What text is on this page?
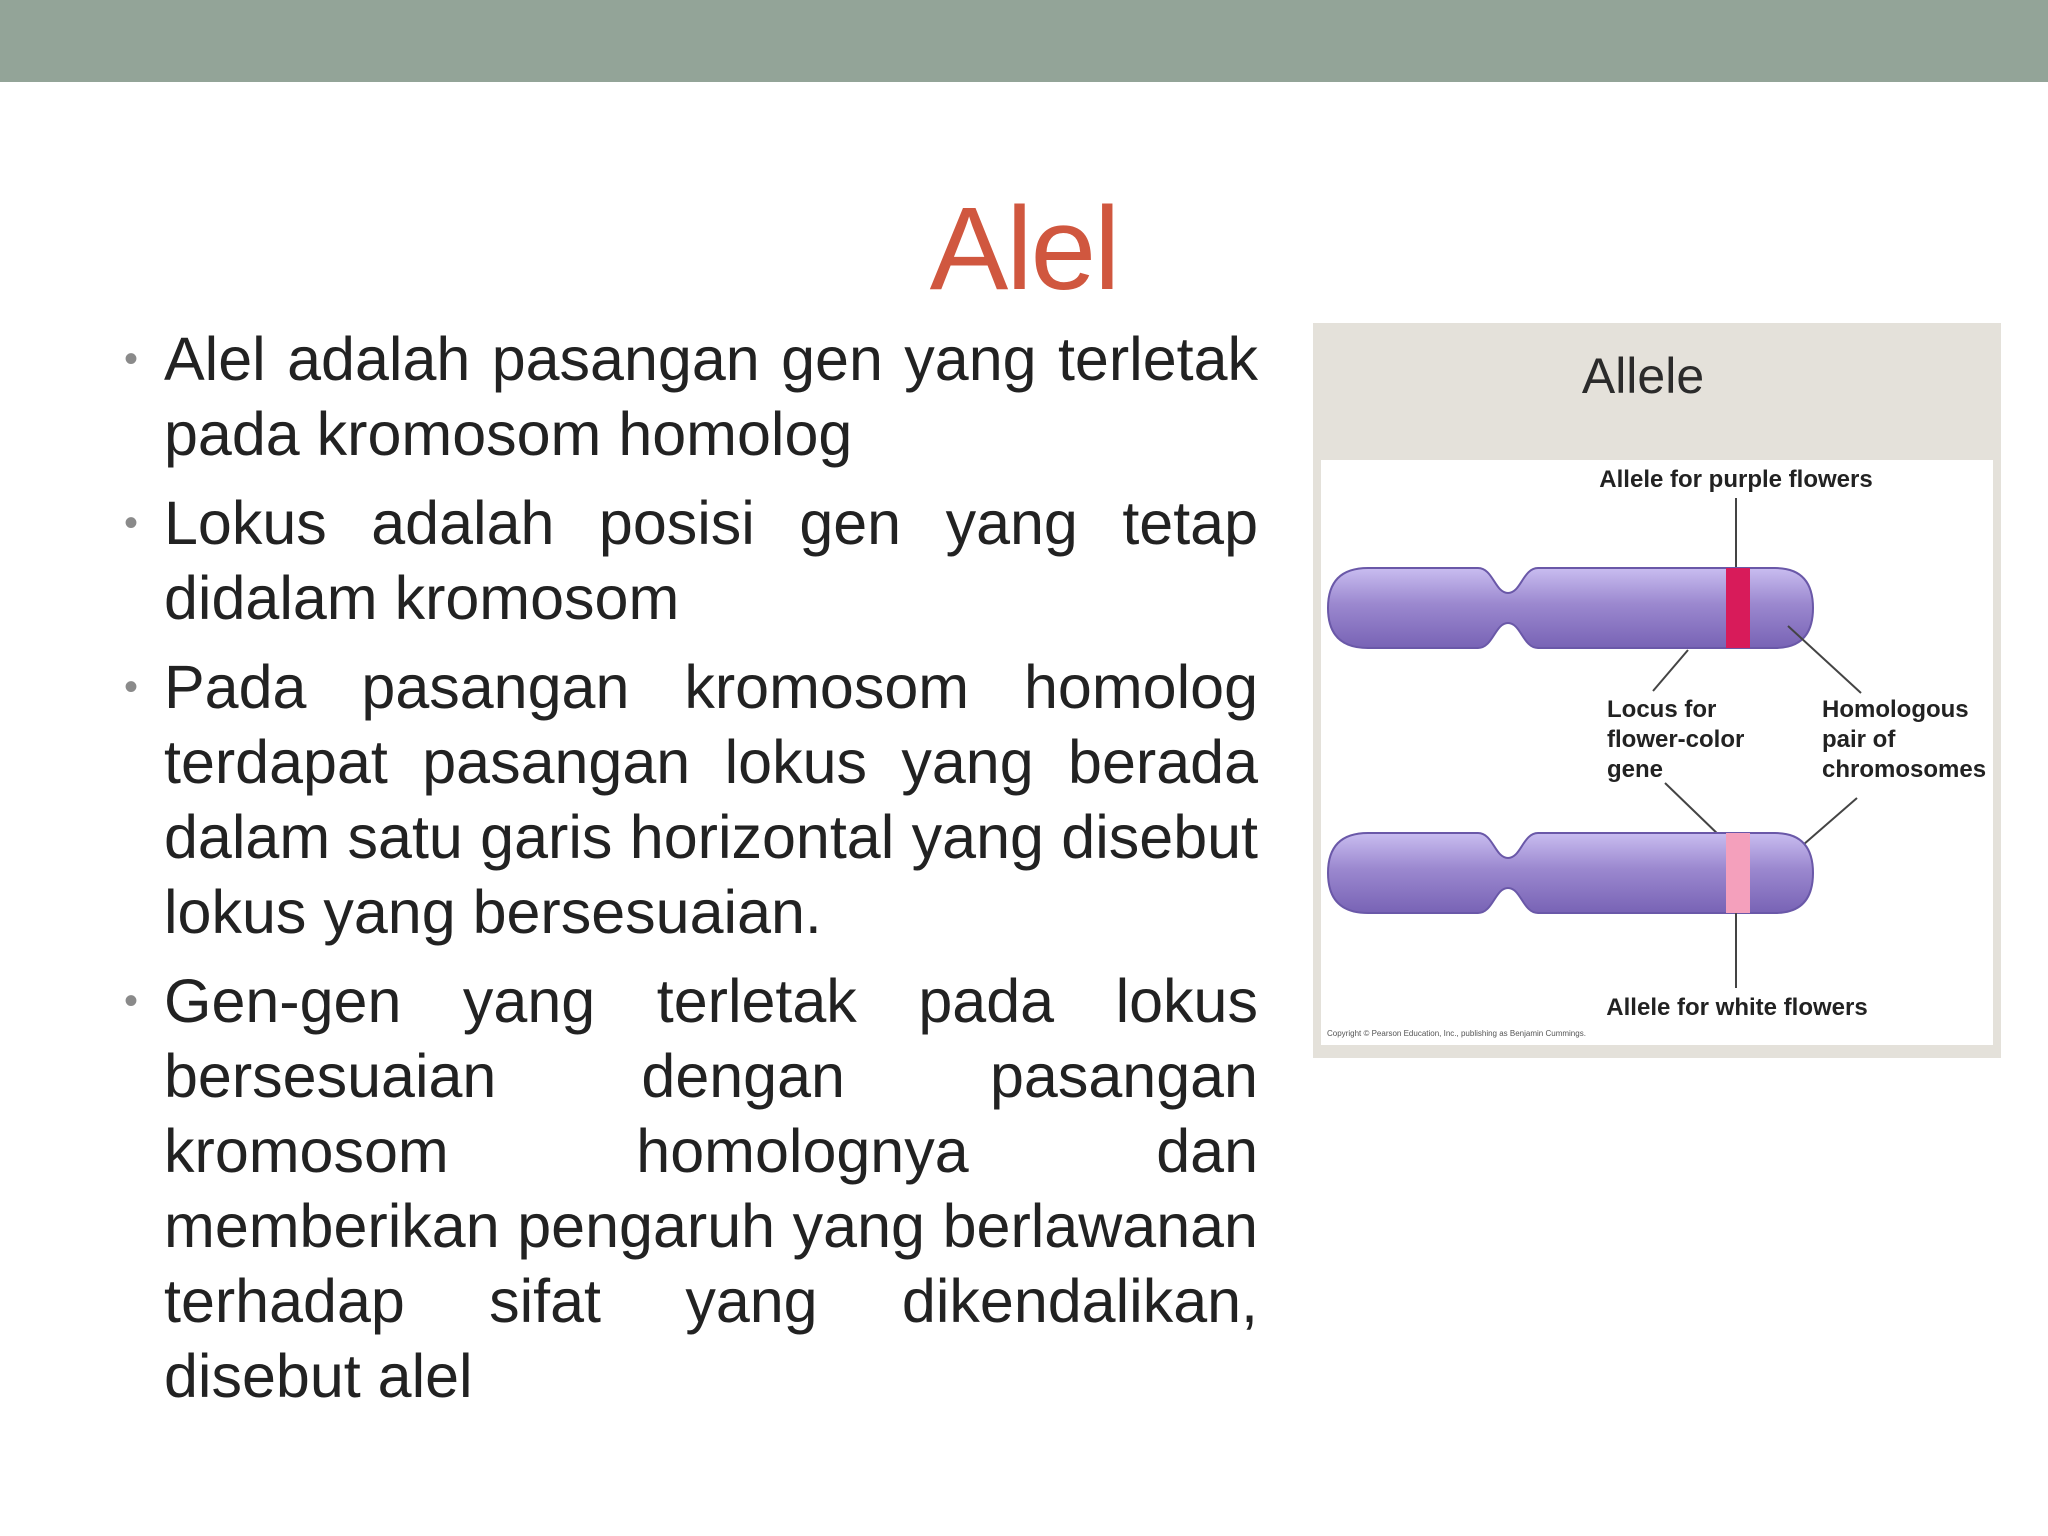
Alel
• Alel adalah pasangan gen yang terletak pada kromosom homolog
• Lokus adalah posisi gen yang tetap didalam kromosom
• Pada pasangan kromosom homolog terdapat pasangan lokus yang berada dalam satu garis horizontal yang disebut lokus yang bersesuaian.
• Gen-gen yang terletak pada lokus bersesuaian dengan pasangan kromosom homolognya dan memberikan pengaruh yang berlawanan terhadap sifat yang dikendalikan, disebut alel
Allele
Allele for purple flowers
Locus for flower-color gene
Homologous pair of chromosomes
Allele for white flowers
Copyright © Pearson Education, Inc., publishing as Benjamin Cummings.
